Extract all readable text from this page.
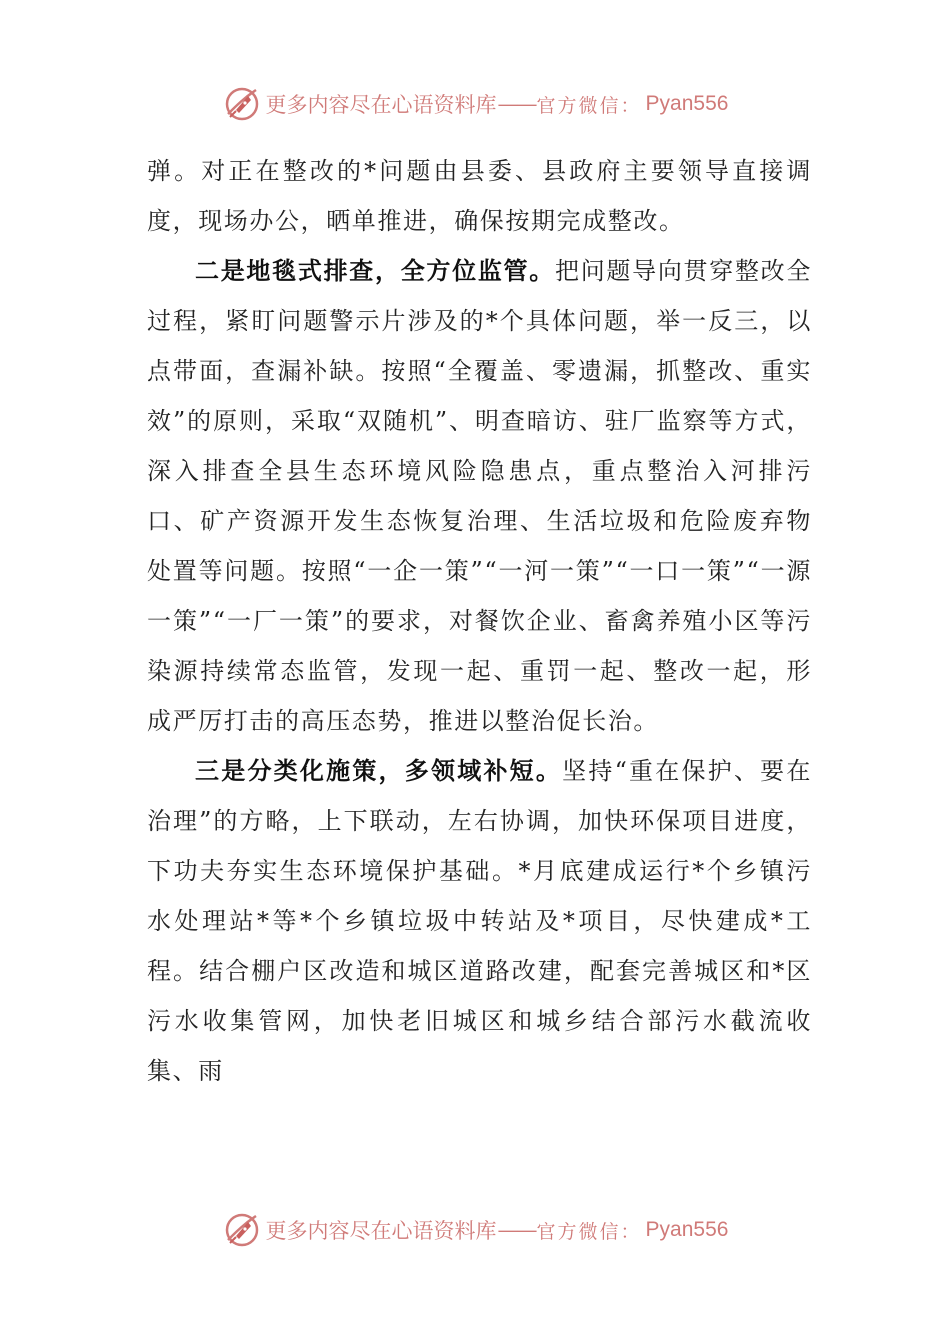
更多内容尽在心语资料库 —— 官方微信： Pyan556

弹。对正在整改的*问题由县委、县政府主要领导直接调度，现场办公，晒单推进，确保按期完成整改。

二是地毯式排查，全方位监管。把问题导向贯穿整改全过程，紧盯问题警示片涉及的*个具体问题，举一反三，以点带面，查漏补缺。按照“全覆盖、零遗漏，抓整改、重实效”的原则，采取“双随机”、明查暗访、驻厂监察等方式，深入排查全县生态环境风险隐患点，重点整治入河排污口、矿产资源开发生态恢复治理、生活垃圾和危险废弃物处置等问题。按照“一企一策”“一河一策”“一口一策”“一源一策”“一厂一策”的要求，对餐饮企业、畜禽养殖小区等污染源持续常态监管，发现一起、重罚一起、整改一起，形成严厉打击的高压态势，推进以整治促长治。

三是分类化施策，多领域补短。坚持“重在保护、要在治理”的方略，上下联动，左右协调，加快环保项目进度，下功夫夯实生态环境保护基础。*月底建成运行*个乡镇污水处理站*等*个乡镇垃圾中转站及*项目，尽快建成*工程。结合棚户区改造和城区道路改建，配套完善城区和*区污水收集管网，加快老旧城区和城乡结合部污水截流收集、雨

更多内容尽在心语资料库 —— 官方微信： Pyan556
